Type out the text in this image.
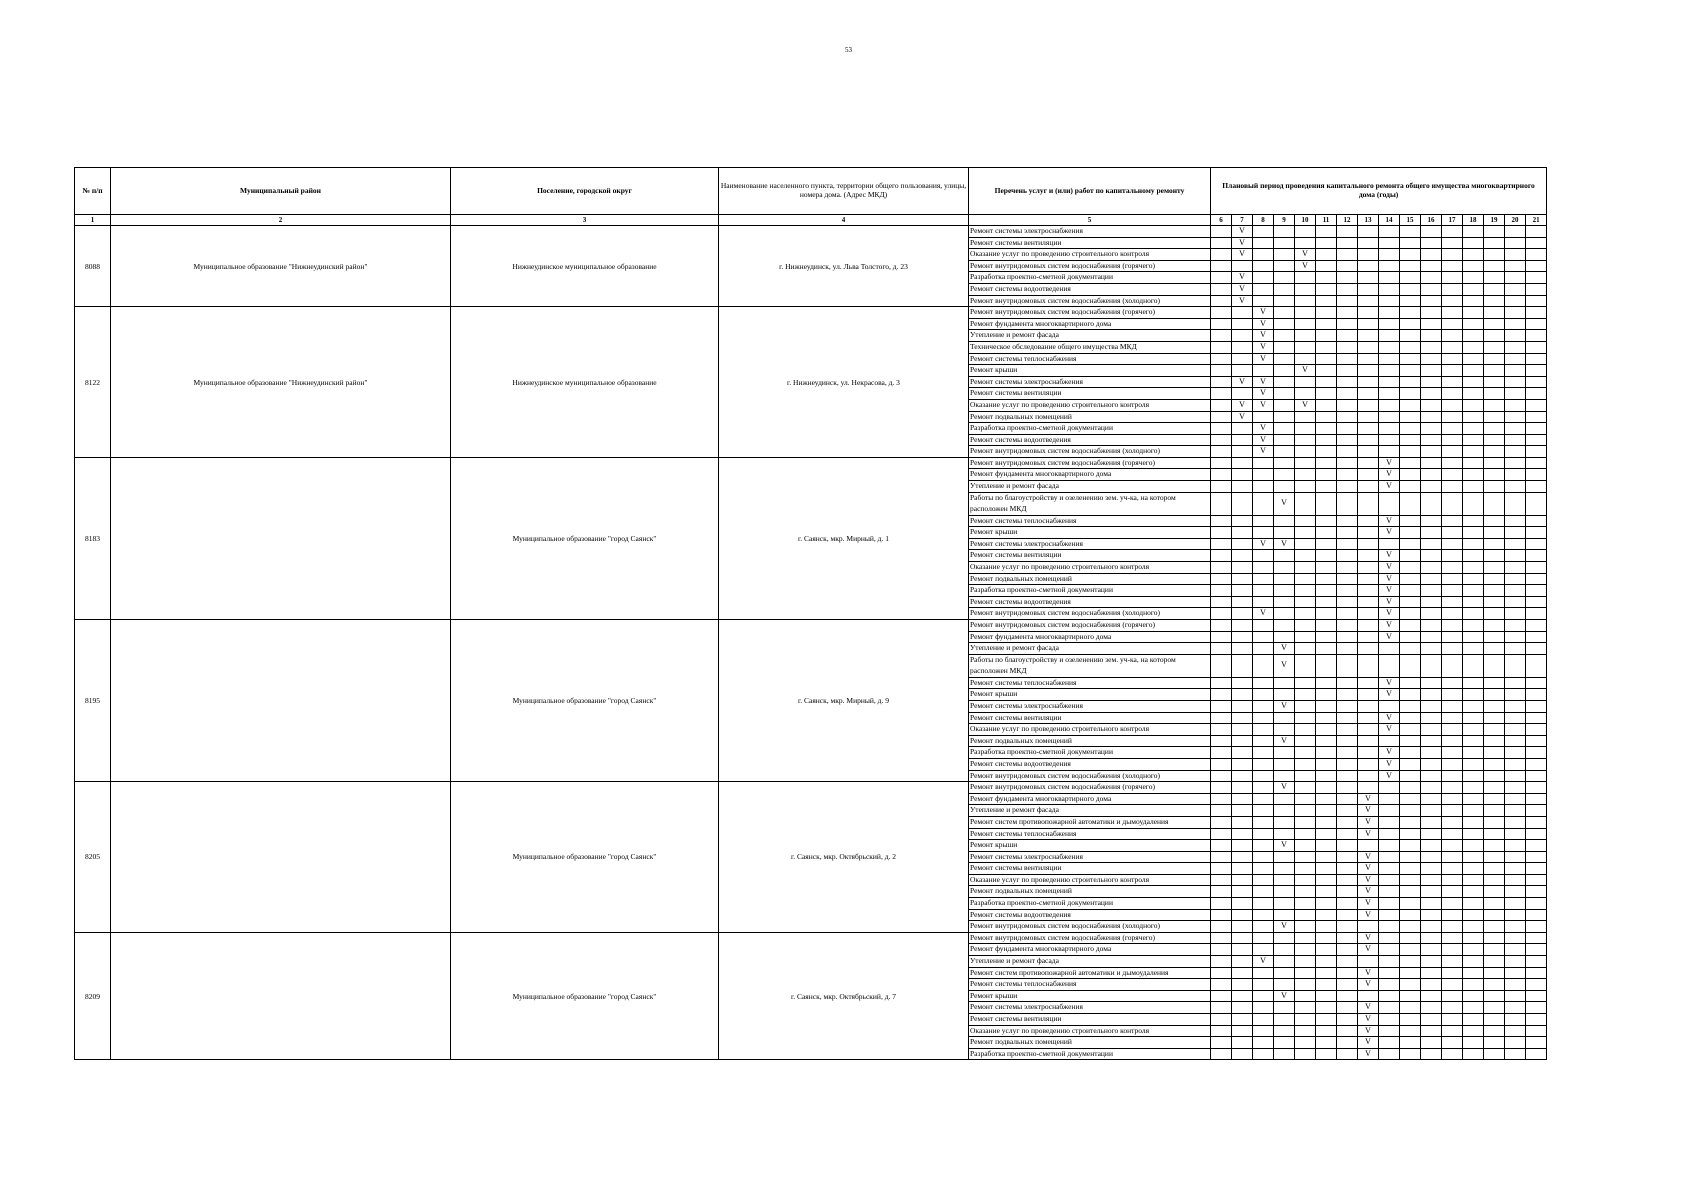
53
№ п/п	Муниципальный район	Поселение, городской округ	Наименование населенного пункта, территории общего пользования, улицы, номера дома. (Адрес МКД)	Перечень услуг и (или) работ по капитальному ремонту	Плановый период проведения капитального ремонта общего имущества многоквартирного дома (годы)															
1	2	3	4	5	6	7	8	9	10	11	12	13	14	15	16	17	18	19	20	21
8088	Муниципальное образование "Нижнеудинский район"	Нижнеудинское муниципальное образование	г. Нижнеудинск, ул. Льва Толстого, д. 23	Ремонт системы электроснабжения		V														
				Ремонт системы вентиляции		V														
				Оказание услуг по проведению строительного контроля		V			V											
				Ремонт внутридомовых систем водоснабжения (горячего)					V											
				Разработка проектно-сметной документации		V														
				Ремонт системы водоотведения		V														
				Ремонт внутридомовых систем водоснабжения (холодного)		V														
8122	Муниципальное образование "Нижнеудинский район"	Нижнеудинское муниципальное образование	г. Нижнеудинск, ул. Некрасова, д. 3	Ремонт внутридомовых систем водоснабжения (горячего)			V													
				Ремонт фундамента многоквартирного дома			V													
				Утепление и ремонт фасада			V													
				Техническое обследование общего имущества МКД			V													
				Ремонт системы теплоснабжения			V													
				Ремонт крыши					V											
				Ремонт системы электроснабжения		V	V													
				Ремонт системы вентиляции			V													
				Оказание услуг по проведению строительного контроля		V	V		V											
				Ремонт подвальных помещений		V														
				Разработка проектно-сметной документации			V													
				Ремонт системы водоотведения			V													
				Ремонт внутридомовых систем водоснабжения (холодного)			V													
8183		Муниципальное образование "город Саянск"	г. Саянск, мкр. Мирный, д. 1	Ремонт внутридомовых систем водоснабжения (горячего)									V							
				Ремонт фундамента многоквартирного дома									V							
				Утепление и ремонт фасада									V							
				Работы по благоустройству и озеленению зем. уч-ка, на котором расположен МКД				V												
				Ремонт системы теплоснабжения									V							
				Ремонт крыши									V							
				Ремонт системы электроснабжения			V	V												
				Ремонт системы вентиляции									V							
				Оказание услуг по проведению строительного контроля									V							
				Ремонт подвальных помещений									V							
				Разработка проектно-сметной документации									V							
				Ремонт системы водоотведения									V							
				Ремонт внутридомовых систем водоснабжения (холодного)			V						V							
8195		Муниципальное образование "город Саянск"	г. Саянск, мкр. Мирный, д. 9	Ремонт внутридомовых систем водоснабжения (горячего)									V							
				Ремонт фундамента многоквартирного дома									V							
				Утепление и ремонт фасада				V												
				Работы по благоустройству и озеленению зем. уч-ка, на котором расположен МКД				V												
				Ремонт системы теплоснабжения									V							
				Ремонт крыши									V							
				Ремонт системы электроснабжения				V												
				Ремонт системы вентиляции									V							
				Оказание услуг по проведению строительного контроля									V							
				Ремонт подвальных помещений				V												
				Разработка проектно-сметной документации									V							
				Ремонт системы водоотведения									V							
				Ремонт внутридомовых систем водоснабжения (холодного)									V							
8205		Муниципальное образование "город Саянск"	г. Саянск, мкр. Октябрьский, д. 2	Ремонт внутридомовых систем водоснабжения (горячего)				V												
				Ремонт фундамента многоквартирного дома								V								
				Утепление и ремонт фасада								V								
				Ремонт систем противопожарной автоматики и дымоудаления								V								
				Ремонт системы теплоснабжения								V								
				Ремонт крыши				V												
				Ремонт системы электроснабжения								V								
				Ремонт системы вентиляции								V								
				Оказание услуг по проведению строительного контроля								V								
				Ремонт подвальных помещений								V								
				Разработка проектно-сметной документации								V								
				Ремонт системы водоотведения								V								
				Ремонт внутридомовых систем водоснабжения (холодного)				V												
8209		Муниципальное образование "город Саянск"	г. Саянск, мкр. Октябрьский, д. 7	Ремонт внутридомовых систем водоснабжения (горячего)								V								
				Ремонт фундамента многоквартирного дома								V								
				Утепление и ремонт фасада			V													
				Ремонт систем противопожарной автоматики и дымоудаления								V								
				Ремонт системы теплоснабжения								V								
				Ремонт крыши				V												
				Ремонт системы электроснабжения								V								
				Ремонт системы вентиляции								V								
				Оказание услуг по проведению строительного контроля								V								
				Ремонт подвальных помещений								V								
				Разработка проектно-сметной документации								V								
